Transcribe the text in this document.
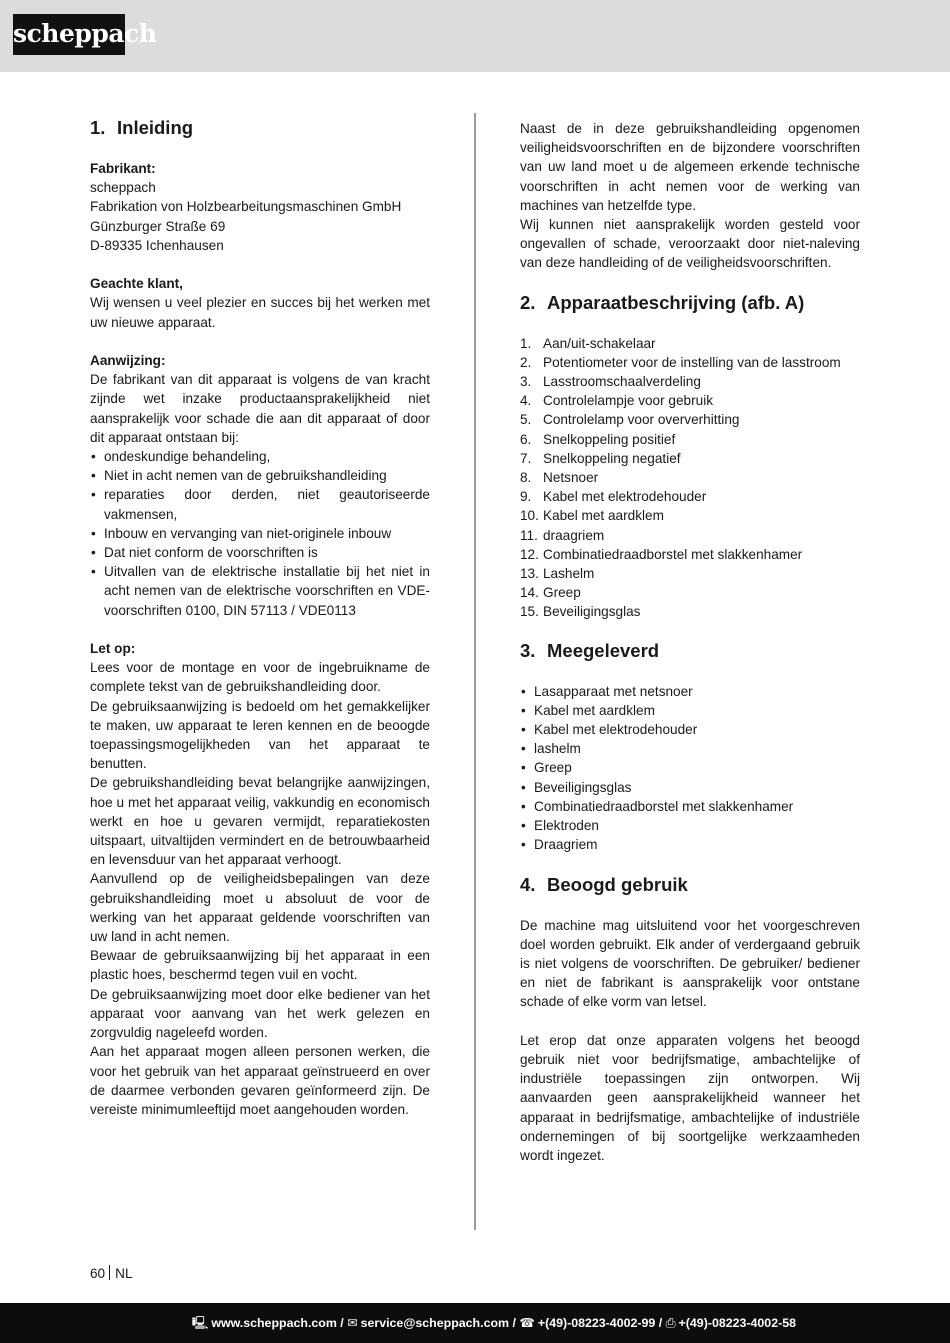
scheppach
1. Inleiding
Fabrikant:
scheppach
Fabrikation von Holzbearbeitungsmaschinen GmbH
Günzburger Straße 69
D-89335 Ichenhausen
Geachte klant,

Wij wensen u veel plezier en succes bij het werken met uw nieuwe apparaat.

Aanwijzing:

De fabrikant van dit apparaat is volgens de van kracht zijnde wet inzake productaansprakelijkheid niet aansprakelijk voor schade die aan dit apparaat of door dit apparaat ontstaan bij:

• ondeskundige behandeling,
• Niet in acht nemen van de gebruikshandleiding
• reparaties door derden, niet geautoriseerde vakmensen,
• Inbouw en vervanging van niet-originele inbouw
• Dat niet conform de voorschriften is
• Uitvallen van de elektrische installatie bij het niet in acht nemen van de elektrische voorschriften en VDE-voorschriften 0100, DIN 57113 / VDE0113
Let op:

Lees voor de montage en voor de ingebruikname de complete tekst van de gebruikshandleiding door.

De gebruiksaanwijzing is bedoeld om het gemakkelijker te maken, uw apparaat te leren kennen en de beoogde toepassingsmogelijkheden van het apparaat te benutten.

De gebruikshandleiding bevat belangrijke aanwijzingen, hoe u met het apparaat veilig, vakkundig en economisch werkt en hoe u gevaren vermijdt, reparatiekosten uitspaart, uitvaltijden vermindert en de betrouwbaarheid en levensduur van het apparaat verhoogt.

Aanvullend op de veiligheidsbepalingen van deze gebruikshandleiding moet u absoluut de voor de werking van het apparaat geldende voorschriften van uw land in acht nemen.

Bewaar de gebruiksaanwijzing bij het apparaat in een plastic hoes, beschermd tegen vuil en vocht.

De gebruiksaanwijzing moet door elke bediener van het apparaat voor aanvang van het werk gelezen en zorgvuldig nageleefd worden.

Aan het apparaat mogen alleen personen werken, die voor het gebruik van het apparaat geïnstrueerd en over de daarmee verbonden gevaren geïnformeerd zijn. De vereiste minimumleeftijd moet aangehouden worden.

Naast de in deze gebruikshandleiding opgenomen veiligheidsvoorschriften en de bijzondere voorschriften van uw land moet u de algemeen erkende technische voorschriften in acht nemen voor de werking van machines van hetzelfde type.

Wij kunnen niet aansprakelijk worden gesteld voor ongevallen of schade, veroorzaakt door niet-naleving van deze handleiding of de veiligheidsvoorschriften.

2. Apparaatbeschrijving (afb. A)
1. Aan/uit-schakelaar
2. Potentiometer voor de instelling van de lasstroom
3. Lasstroomschaalverdeling
4. Controlelampje voor gebruik
5. Controlelamp voor oververhitting
6. Snelkoppeling positief
7. Snelkoppeling negatief
8. Netsnoer
9. Kabel met elektrodehouder
10. Kabel met aardklem
11. draagriem
12. Combinatiedraadborstel met slakkenhamer
13. Lashelm
14. Greep
15. Beveiligingsglas
3. Meegeleverd
• Lasapparaat met netsnoer
• Kabel met aardklem
• Kabel met elektrodehouder
• lashelm
• Greep
• Beveiligingsglas
• Combinatiedraadborstel met slakkenhamer
• Elektroden
• Draagriem
4. Beoogd gebruik

De machine mag uitsluitend voor het voorgeschreven doel worden gebruikt. Elk ander of verdergaand gebruik is niet volgens de voorschriften. De gebruiker/ bediener en niet de fabrikant is aansprakelijk voor ontstane schade of elke vorm van letsel.

Let erop dat onze apparaten volgens het beoogd gebruik niet voor bedrijfsmatige, ambachtelijke of industriële toepassingen zijn ontworpen. Wij aanvaarden geen aansprakelijkheid wanneer het apparaat in bedrijfsmatige, ambachtelijke of industriële ondernemingen of bij soortgelijke werkzaamheden wordt ingezet.

60 NL
🖳 www.scheppach.com / ✉ service@scheppach.com / ☎ +(49)-08223-4002-99 / ⎙ +(49)-08223-4002-58
